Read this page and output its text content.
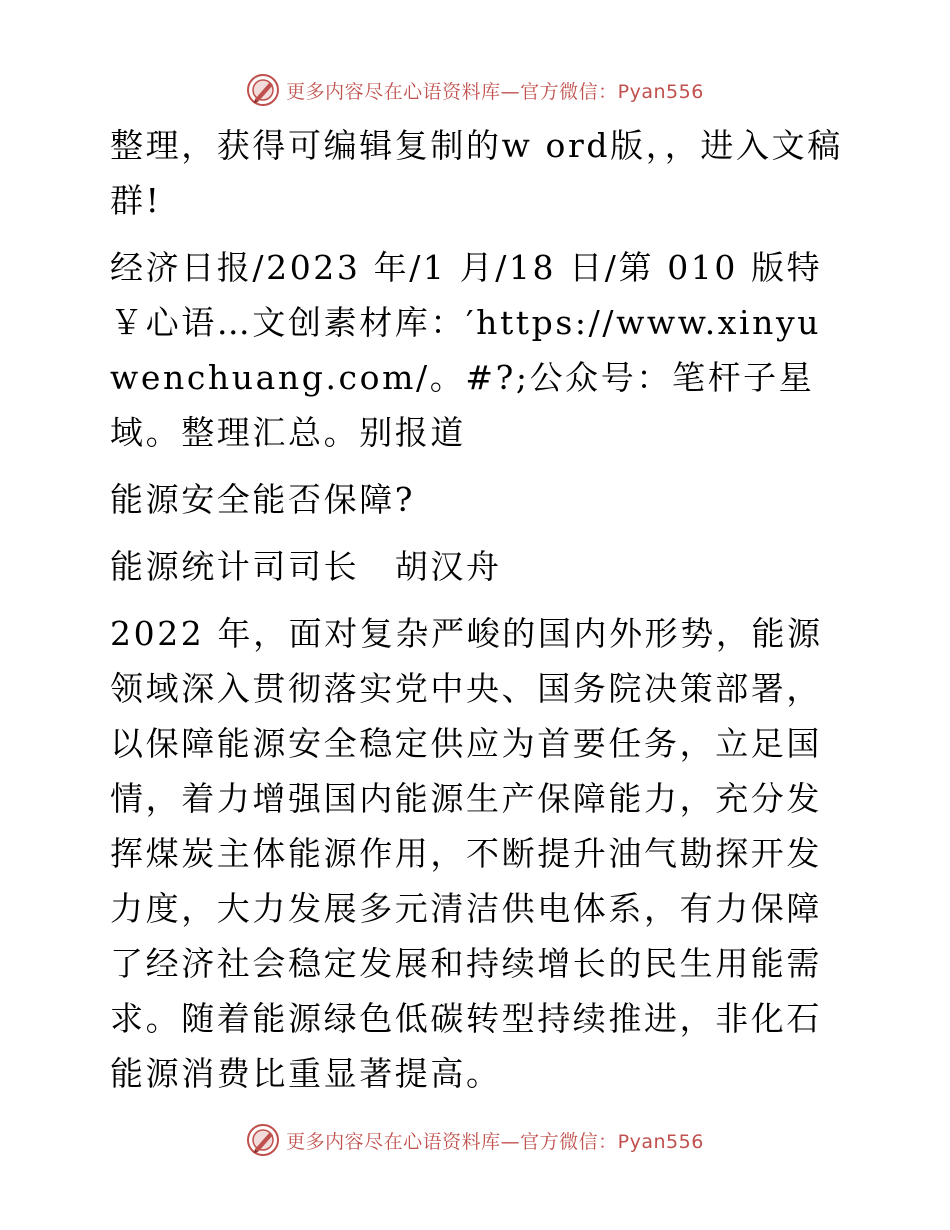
更多内容尽在心语资料库—官方微信：Pyan556

整理，获得可编辑复制的w ord版，，进入文稿群!

经济日报/2023 年/1 月/18 日/第 010 版特￥心语…文创素材库：′https://www.xinyuwenchuang.com/。#?;公众号：笔杆子星域。整理汇总。别报道

能源安全能否保障?

能源统计司司长　胡汉舟

2022 年，面对复杂严峻的国内外形势，能源领域深入贯彻落实党中央、国务院决策部署，以保障能源安全稳定供应为首要任务，立足国情，着力增强国内能源生产保障能力，充分发挥煤炭主体能源作用，不断提升油气勘探开发力度，大力发展多元清洁供电体系，有力保障了经济社会稳定发展和持续增长的民生用能需求。随着能源绿色低碳转型持续推进，非化石能源消费比重显著提高。

更多内容尽在心语资料库—官方微信：Pyan556
